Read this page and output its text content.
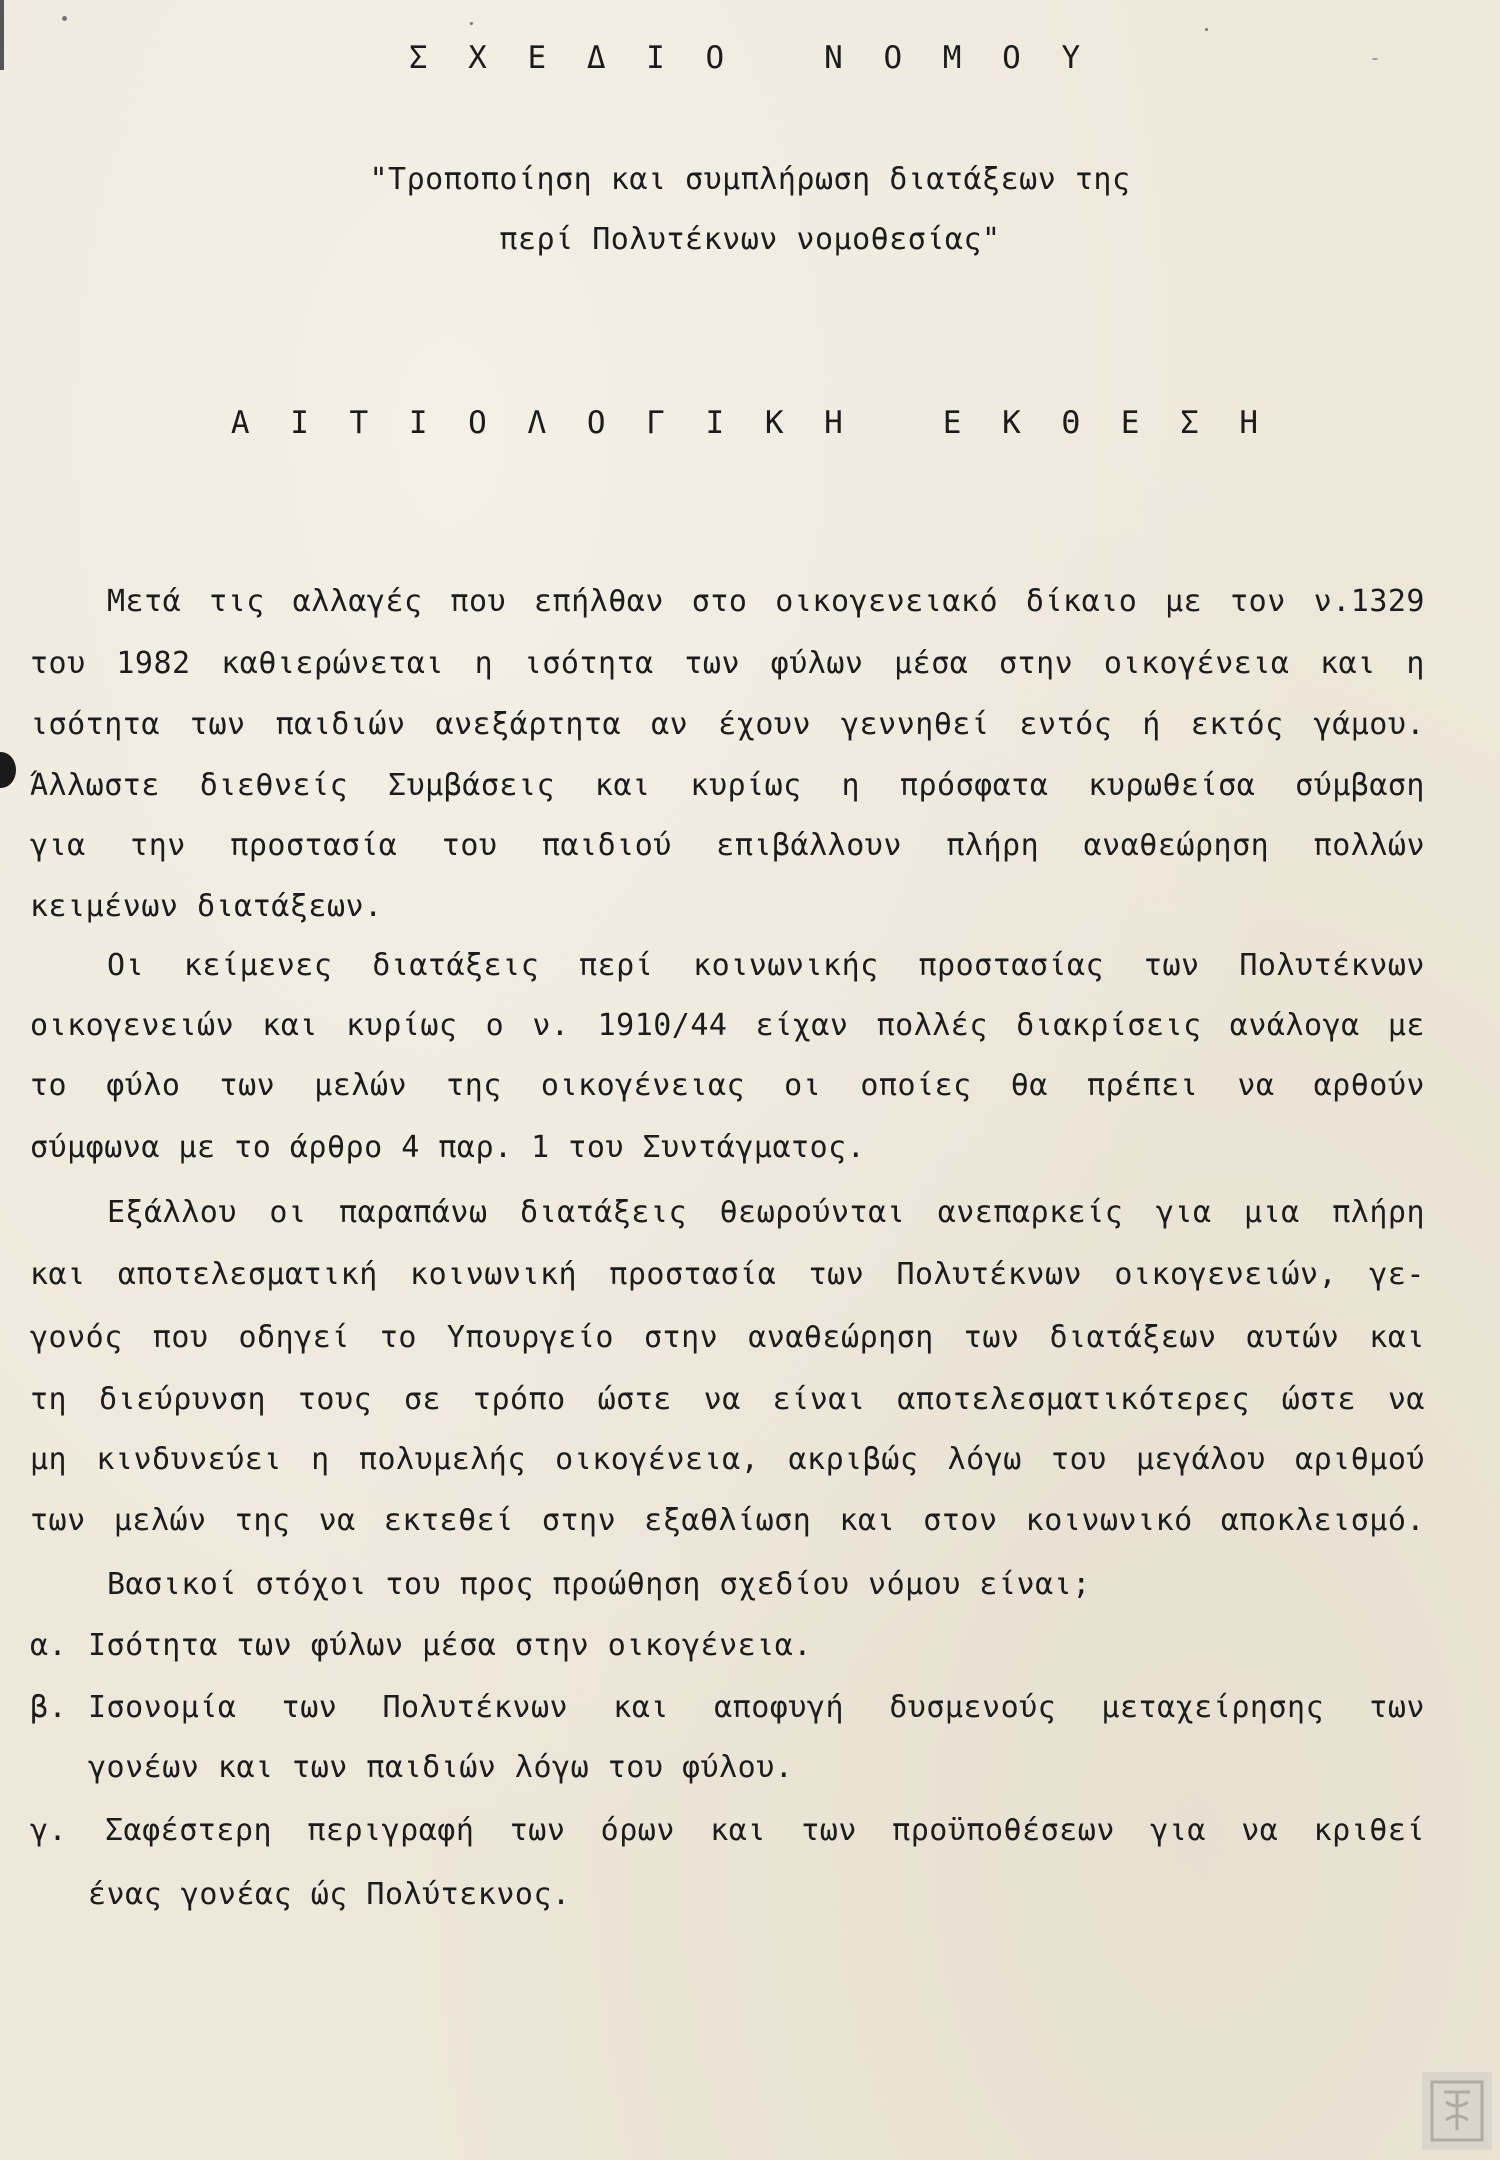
Σ Χ Ε Δ Ι Ο   Ν Ο Μ Ο Υ
"Τροποποίηση και συμπλήρωση διατάξεων της
περί Πολυτέκνων νομοθεσίας"
Α Ι Τ Ι Ο Λ Ο Γ Ι Κ Η   Ε Κ Θ Ε Σ Η
Μετά τις αλλαγές που επήλθαν στο οικογενειακό δίκαιο με τον ν.1329
του 1982 καθιερώνεται η ισότητα των φύλων μέσα στην οικογένεια και η
ισότητα των παιδιών ανεξάρτητα αν έχουν γεννηθεί εντός ή εκτός γάμου.
Άλλωστε διεθνείς Συμβάσεις και κυρίως η πρόσφατα κυρωθείσα σύμβαση
για την προστασία του παιδιού επιβάλλουν πλήρη αναθεώρηση πολλών
κειμένων διατάξεων.
Οι κείμενες διατάξεις περί κοινωνικής προστασίας των Πολυτέκνων
οικογενειών και κυρίως ο ν. 1910/44 είχαν πολλές διακρίσεις ανάλογα με
το φύλο των μελών της οικογένειας οι οποίες θα πρέπει να αρθούν
σύμφωνα με το άρθρο 4 παρ. 1 του Συντάγματος.
Εξάλλου οι παραπάνω διατάξεις θεωρούνται ανεπαρκείς για μια πλήρη
και αποτελεσματική κοινωνική προστασία των Πολυτέκνων οικογενειών, γε-
γονός που οδηγεί το Υπουργείο στην αναθεώρηση των διατάξεων αυτών και
τη διεύρυνση τους σε τρόπο ώστε να είναι αποτελεσματικότερες ώστε να
μη κινδυνεύει η πολυμελής οικογένεια, ακριβώς λόγω του μεγάλου αριθμού
των μελών της να εκτεθεί στην εξαθλίωση και στον κοινωνικό αποκλεισμό.
Βασικοί στόχοι του προς προώθηση σχεδίου νόμου είναι;
α. Ισότητα των φύλων μέσα στην οικογένεια.
β. Ισονομία των Πολυτέκνων και αποφυγή δυσμενούς μεταχείρησης των
γονέων και των παιδιών λόγω του φύλου.
γ. Σαφέστερη περιγραφή των όρων και των προϋποθέσεων για να κριθεί
ένας γονέας ώς Πολύτεκνος.
